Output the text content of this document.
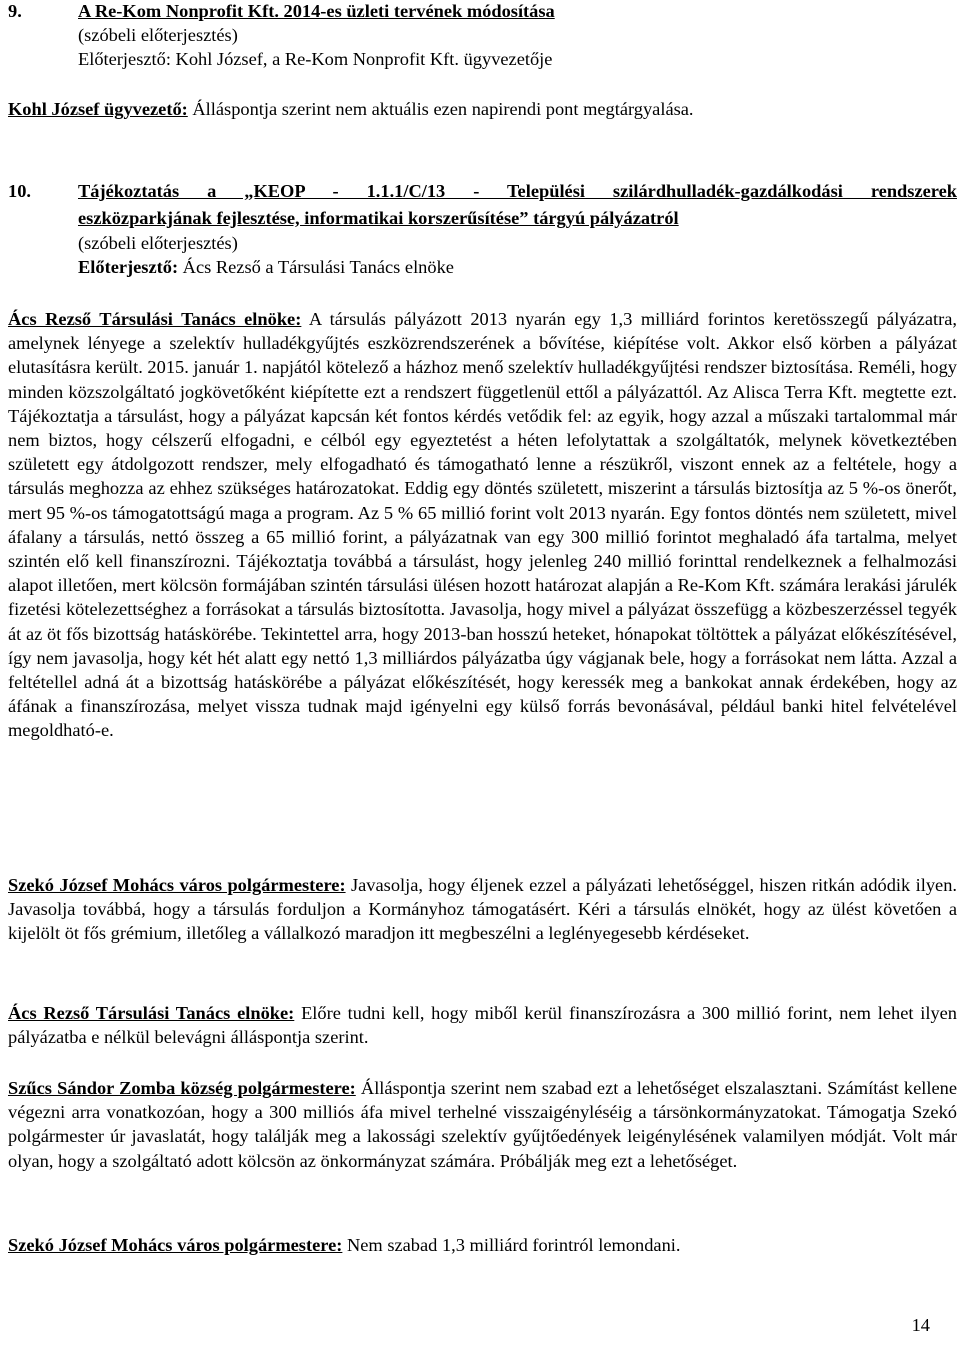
9.	A Re-Kom Nonprofit Kft. 2014-es üzleti tervének módosítása
(szóbeli előterjesztés)
Előterjesztő: Kohl József, a Re-Kom Nonprofit Kft. ügyvezetője
Kohl József ügyvezető: Álláspontja szerint nem aktuális ezen napirendi pont megtárgyalása.
10.	Tájékoztatás a „KEOP - 1.1.1/C/13 - Települési szilárdhulladék-gazdálkodási rendszerek
eszközparkjának fejlesztése, informatikai korszerűsítése” tárgyú pályázatról
(szóbeli előterjesztés)
Előterjesztő: Ács Rezső a Társulási Tanács elnöke
Ács Rezső Társulási Tanács elnöke: A társulás pályázott 2013 nyarán egy 1,3 milliárd forintos keretösszegű pályázatra, amelynek lényege a szelektív hulladékgyűjtés eszközrendszerének a bővítése, kiépítése volt. Akkor első körben a pályázat elutasításra került. 2015. január 1. napjától kötelező a házhoz menő szelektív hulladékgyűjtési rendszer biztosítása. Reméli, hogy minden közszolgáltató jogkövetőként kiépítette ezt a rendszert függetlenül ettől a pályázattól. Az Alisca Terra Kft. megtette ezt. Tájékoztatja a társulást, hogy a pályázat kapcsán két fontos kérdés vetődik fel: az egyik, hogy azzal a műszaki tartalommal már nem biztos, hogy célszerű elfogadni, e célból egy egyeztetést a héten lefolytattak a szolgáltatók, melynek következtében született egy átdolgozott rendszer, mely elfogadható és támogatható lenne a részükről, viszont ennek az a feltétele, hogy a társulás meghozza az ehhez szükséges határozatokat. Eddig egy döntés született, miszerint a társulás biztosítja az 5 %-os önerőt, mert 95 %-os támogatottságú maga a program. Az 5 % 65 millió forint volt 2013 nyarán. Egy fontos döntés nem született, mivel áfalany a társulás, nettó összeg a 65 millió forint, a pályázatnak van egy 300 millió forintot meghaladó áfa tartalma, melyet szintén elő kell finanszírozni. Tájékoztatja továbbá a társulást, hogy jelenleg 240 millió forinttal rendelkeznek a felhalmozási alapot illetően, mert kölcsön formájában szintén társulási ülésen hozott határozat alapján a Re-Kom Kft. számára lerakási járulék fizetési kötelezettséghez a forrásokat a társulás biztosította. Javasolja, hogy mivel a pályázat összefügg a közbeszerzéssel tegyék át az öt fős bizottság hatáskörébe. Tekintettel arra, hogy 2013-ban hosszú heteket, hónapokat töltöttek a pályázat előkészítésével, így nem javasolja, hogy két hét alatt egy nettó 1,3 milliárdos pályázatba úgy vágjanak bele, hogy a forrásokat nem látta. Azzal a feltétellel adná át a bizottság hatáskörébe a pályázat előkészítését, hogy keressék meg a bankokat annak érdekében, hogy az áfának a finanszírozása, melyet vissza tudnak majd igényelni egy külső forrás bevonásával, például banki hitel felvételével megoldható-e.
Szekó József Mohács város polgármestere: Javasolja, hogy éljenek ezzel a pályázati lehetőséggel, hiszen ritkán adódik ilyen. Javasolja továbbá, hogy a társulás forduljon a Kormányhoz támogatásért. Kéri a társulás elnökét, hogy az ülést követően a kijelölt öt fős grémium, illetőleg a vállalkozó maradjon itt megbeszélni a leglényegesebb kérdéseket.
Ács Rezső Társulási Tanács elnöke: Előre tudni kell, hogy miből kerül finanszírozásra a 300 millió forint, nem lehet ilyen pályázatba e nélkül belevágni álláspontja szerint.
Szűcs Sándor Zomba község polgármestere: Álláspontja szerint nem szabad ezt a lehetőséget elszalasztani. Számítást kellene végezni arra vonatkozóan, hogy a 300 milliós áfa mivel terhelné visszaigényléséig a társönkormányzatokat. Támogatja Szekó polgármester úr javaslatát, hogy találják meg a lakossági szelektív gyűjtőedények leigénylésének valamilyen módját. Volt már olyan, hogy a szolgáltató adott kölcsön az önkormányzat számára. Próbálják meg ezt a lehetőséget.
Szekó József Mohács város polgármestere: Nem szabad 1,3 milliárd forintról lemondani.
14
